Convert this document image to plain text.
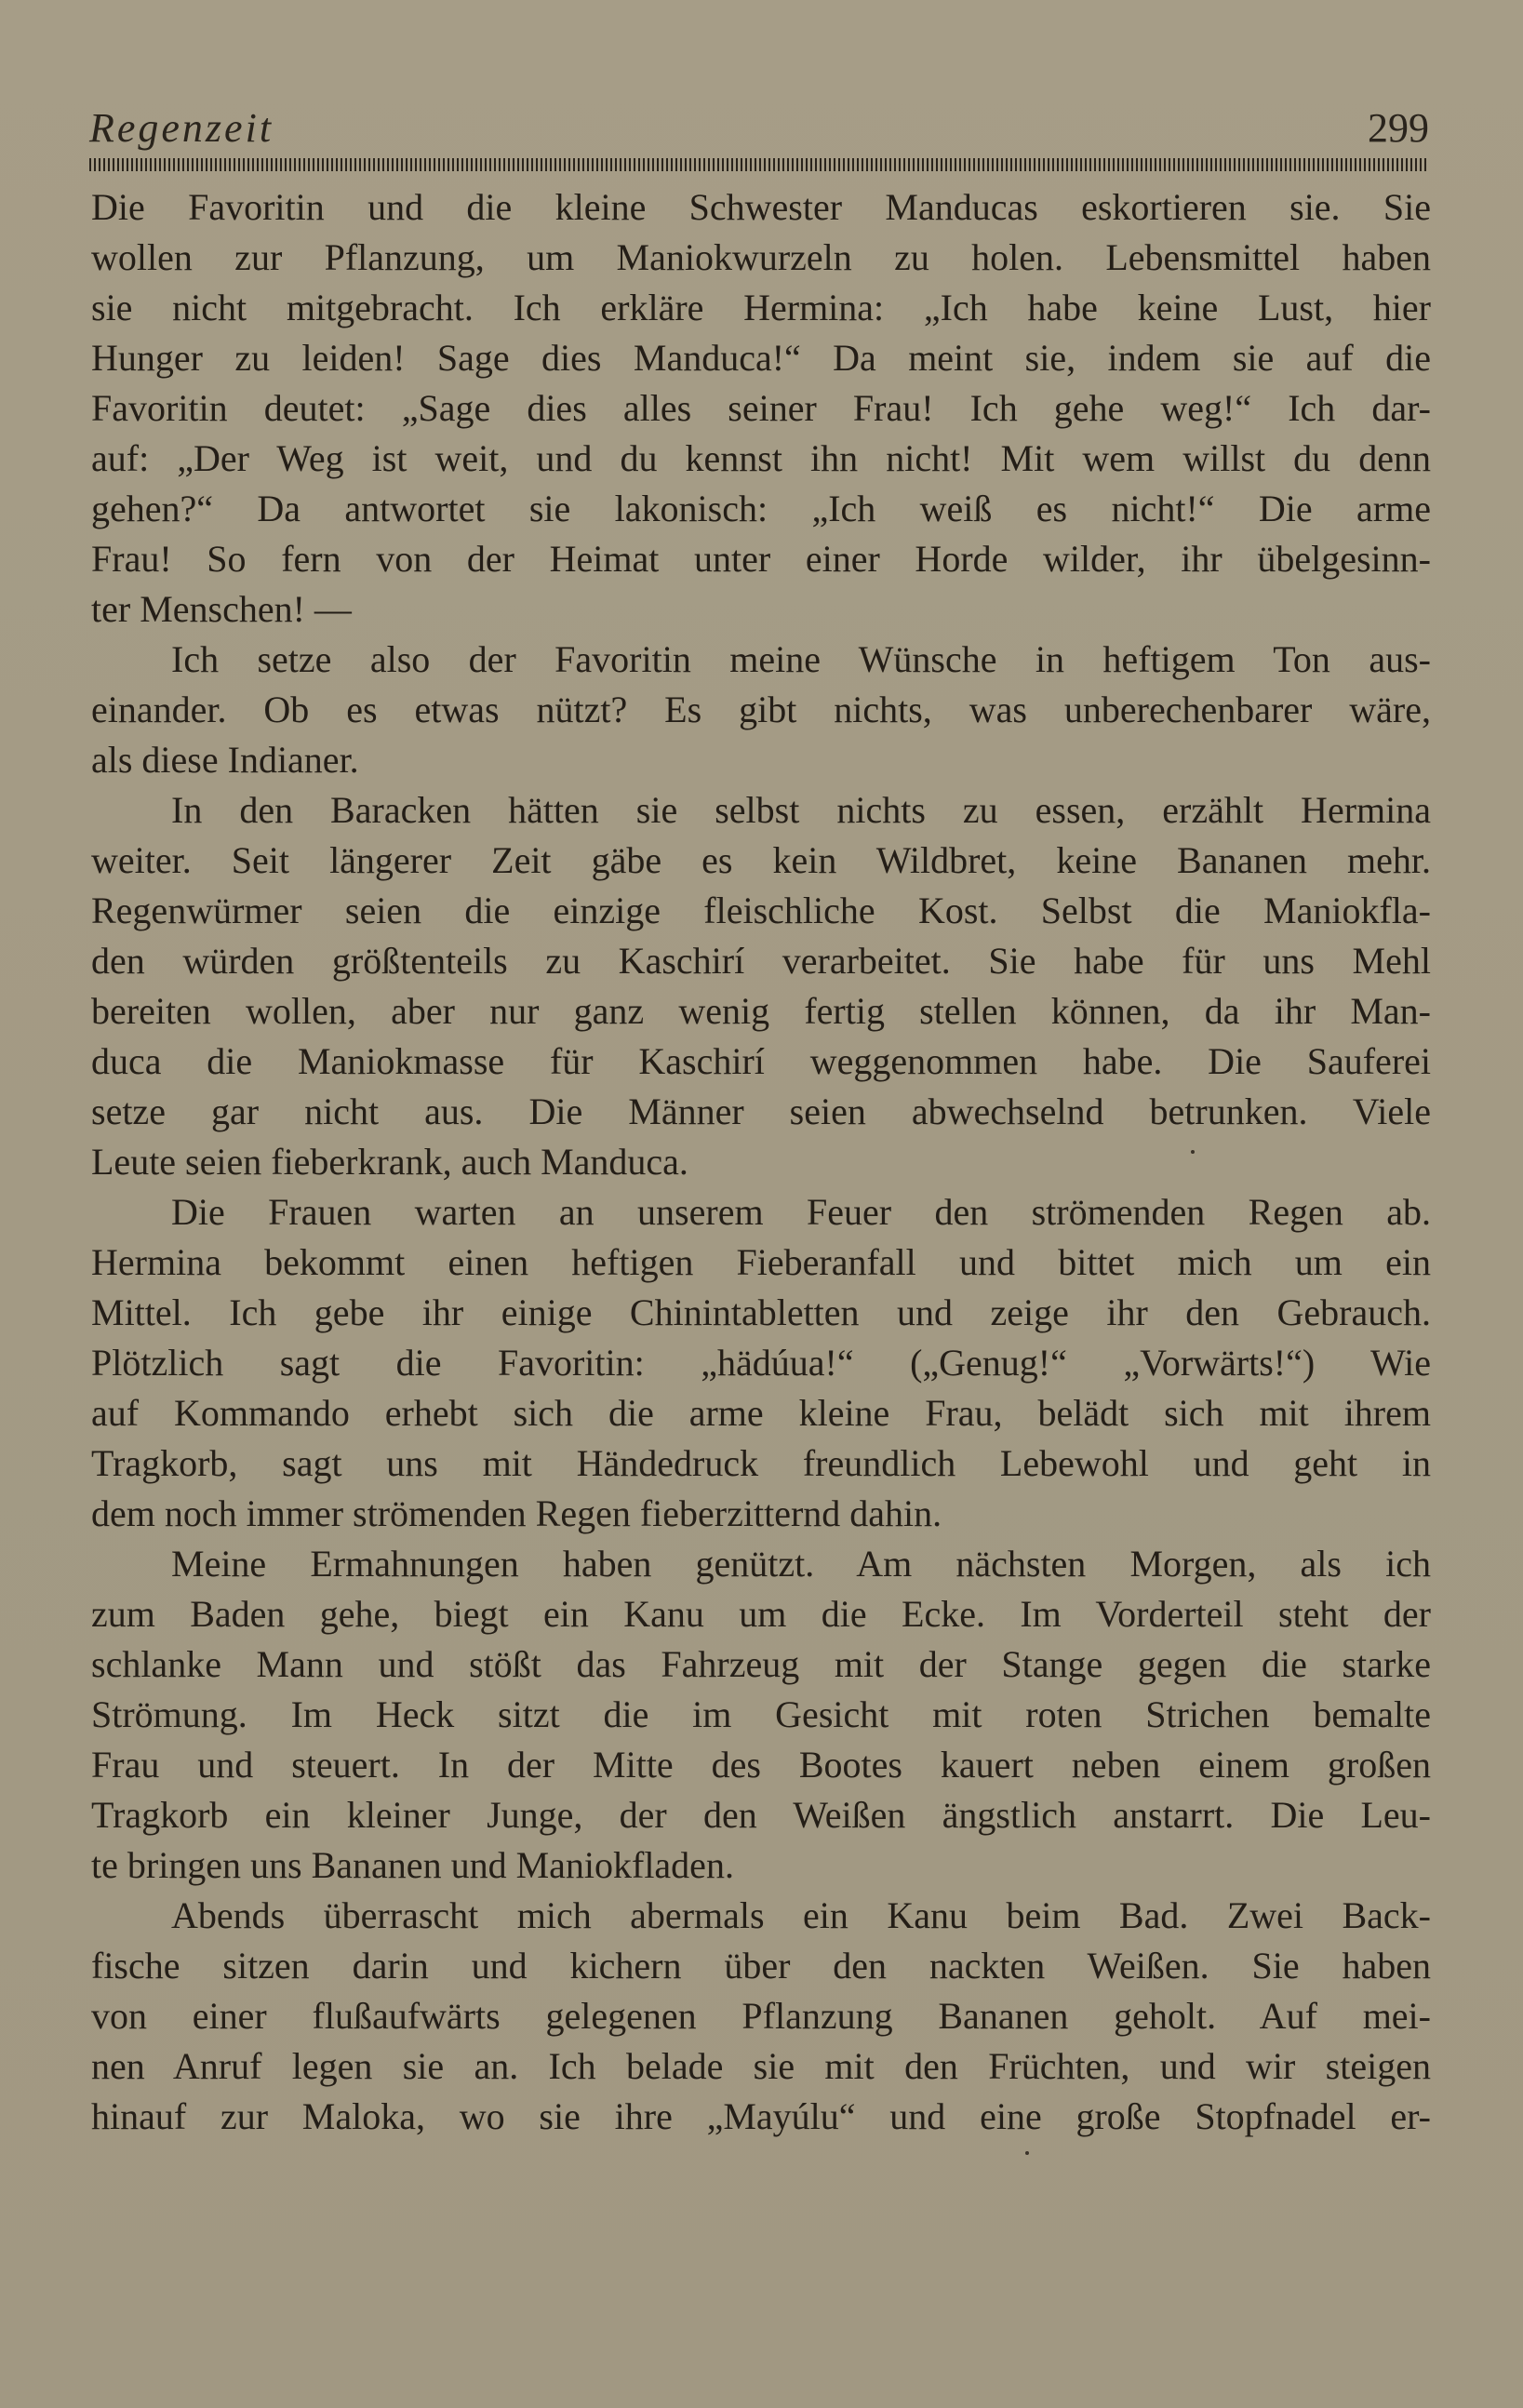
Regenzeit	299
Die Favoritin und die kleine Schwester Manducas eskortieren sie. Sie
wollen zur Pflanzung, um Maniokwurzeln zu holen. Lebensmittel haben
sie nicht mitgebracht. Ich erkläre Hermina: „Ich habe keine Lust, hier
Hunger zu leiden! Sage dies Manduca!“ Da meint sie, indem sie auf die
Favoritin deutet: „Sage dies alles seiner Frau! Ich gehe weg!“ Ich dar-
auf: „Der Weg ist weit, und du kennst ihn nicht! Mit wem willst du denn
gehen?“ Da antwortet sie lakonisch: „Ich weiß es nicht!“ Die arme
Frau! So fern von der Heimat unter einer Horde wilder, ihr übelgesinn-
ter Menschen! —
Ich setze also der Favoritin meine Wünsche in heftigem Ton aus-
einander. Ob es etwas nützt? Es gibt nichts, was unberechenbarer wäre,
als diese Indianer.
In den Baracken hätten sie selbst nichts zu essen, erzählt Hermina
weiter. Seit längerer Zeit gäbe es kein Wildbret, keine Bananen mehr.
Regenwürmer seien die einzige fleischliche Kost. Selbst die Maniokfla-
den würden größtenteils zu Kaschirí verarbeitet. Sie habe für uns Mehl
bereiten wollen, aber nur ganz wenig fertig stellen können, da ihr Man-
duca die Maniokmasse für Kaschirí weggenommen habe. Die Sauferei
setze gar nicht aus. Die Männer seien abwechselnd betrunken. Viele
Leute seien fieberkrank, auch Manduca.
Die Frauen warten an unserem Feuer den strömenden Regen ab.
Hermina bekommt einen heftigen Fieberanfall und bittet mich um ein
Mittel. Ich gebe ihr einige Chinintabletten und zeige ihr den Gebrauch.
Plötzlich sagt die Favoritin: „hädúua!“ („Genug!“ „Vorwärts!“) Wie
auf Kommando erhebt sich die arme kleine Frau, belädt sich mit ihrem
Tragkorb, sagt uns mit Händedruck freundlich Lebewohl und geht in
dem noch immer strömenden Regen fieberzitternd dahin.
Meine Ermahnungen haben genützt. Am nächsten Morgen, als ich
zum Baden gehe, biegt ein Kanu um die Ecke. Im Vorderteil steht der
schlanke Mann und stößt das Fahrzeug mit der Stange gegen die starke
Strömung. Im Heck sitzt die im Gesicht mit roten Strichen bemalte
Frau und steuert. In der Mitte des Bootes kauert neben einem großen
Tragkorb ein kleiner Junge, der den Weißen ängstlich anstarrt. Die Leu-
te bringen uns Bananen und Maniokfladen.
Abends überrascht mich abermals ein Kanu beim Bad. Zwei Back-
fische sitzen darin und kichern über den nackten Weißen. Sie haben
von einer flußaufwärts gelegenen Pflanzung Bananen geholt. Auf mei-
nen Anruf legen sie an. Ich belade sie mit den Früchten, und wir steigen
hinauf zur Maloka, wo sie ihre „Mayúlu“ und eine große Stopfnadel er-
